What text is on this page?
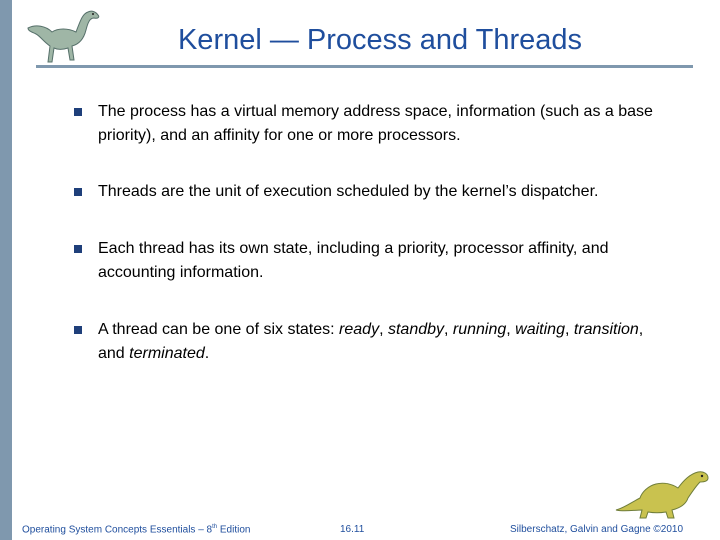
Kernel — Process and Threads
The process has a virtual memory address space, information (such as a base priority), and an affinity for one or more processors.
Threads are the unit of execution scheduled by the kernel’s dispatcher.
Each thread has its own state, including a priority, processor affinity, and accounting information.
A thread can be one of six states: ready, standby, running, waiting, transition, and terminated.
Operating System Concepts Essentials – 8th Edition	16.11	Silberschatz, Galvin and Gagne ©2010
